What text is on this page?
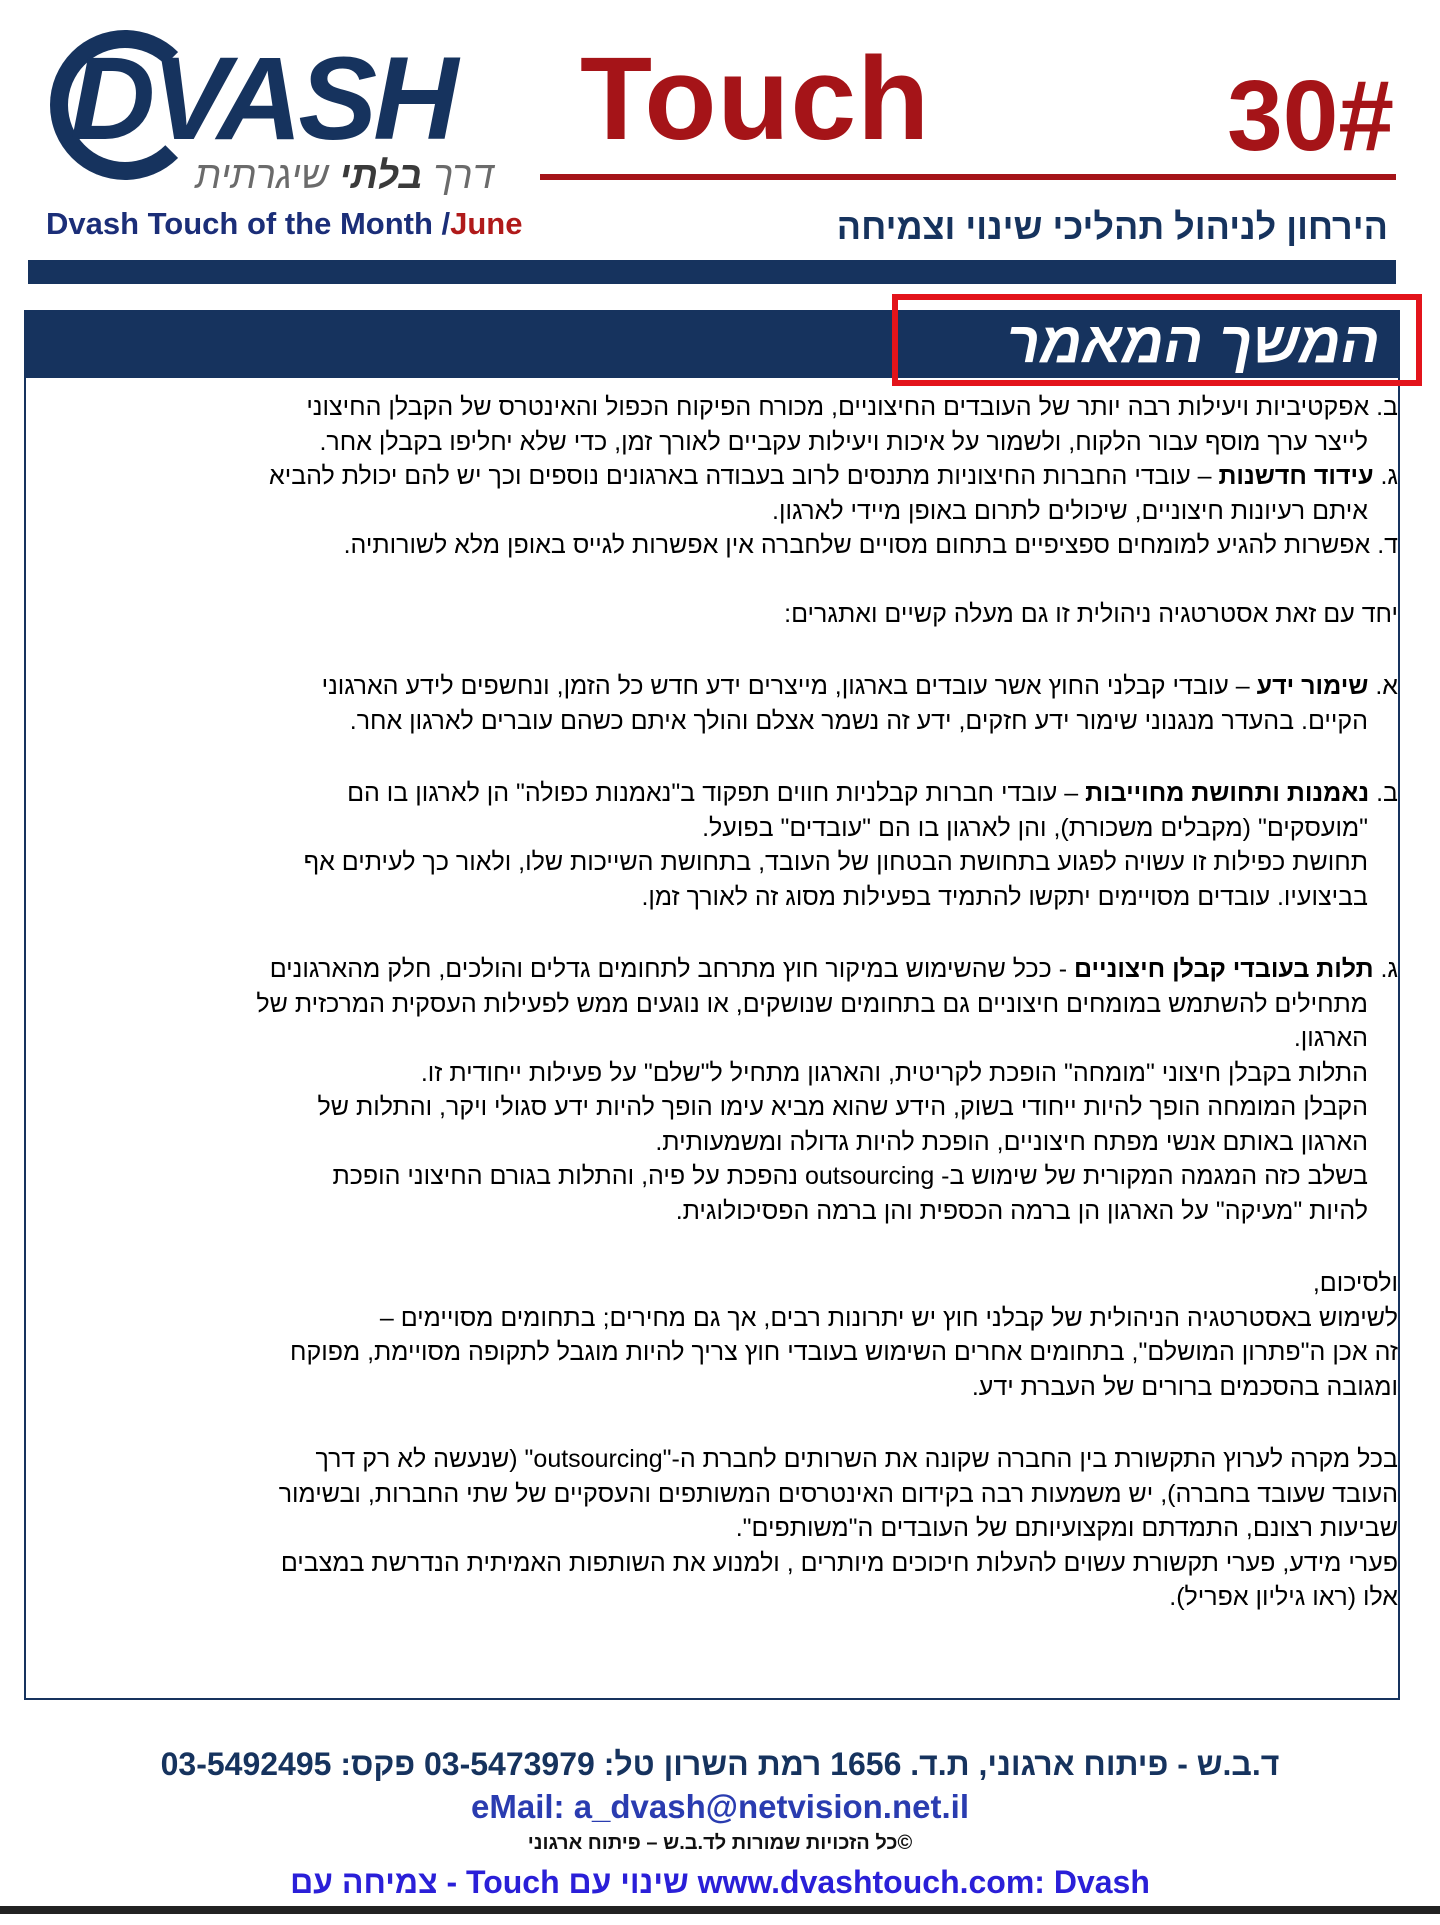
DVASH
דרך בלתי שיגרתית
Dvash Touch of the Month /June
Touch	30#
הירחון לניהול תהליכי שינוי וצמיחה
המשך המאמר

ב. אפקטיביות ויעילות רבה יותר של העובדים החיצוניים, מכורח הפיקוח הכפול והאינטרס של הקבלן החיצוני

לייצר ערך מוסף עבור הלקוח, ולשמור על איכות ויעילות עקביים לאורך זמן, כדי שלא יחליפו בקבלן אחר.

ג. עידוד חדשנות – עובדי החברות החיצוניות מתנסים לרוב בעבודה בארגונים נוספים וכך יש להם יכולת להביא

איתם רעיונות חיצוניים, שיכולים לתרום באופן מיידי לארגון.

ד. אפשרות להגיע למומחים ספציפיים בתחום מסויים שלחברה אין אפשרות לגייס באופן מלא לשורותיה.

יחד עם זאת אסטרטגיה ניהולית זו גם מעלה קשיים ואתגרים:

א. שימור ידע – עובדי קבלני החוץ אשר עובדים בארגון, מייצרים ידע חדש כל הזמן, ונחשפים לידע הארגוני

הקיים. בהעדר מנגנוני שימור ידע חזקים, ידע זה נשמר אצלם והולך איתם כשהם עוברים לארגון אחר.

ב. נאמנות ותחושת מחוייבות – עובדי חברות קבלניות חווים תפקוד ב"נאמנות כפולה" הן לארגון בו הם

"מועסקים" (מקבלים משכורת), והן לארגון בו הם "עובדים" בפועל.

תחושת כפילות זו עשויה לפגוע בתחושת הבטחון של העובד, בתחושת השייכות שלו, ולאור כך לעיתים אף

בביצועיו. עובדים מסויימים יתקשו להתמיד בפעילות מסוג זה לאורך זמן.

ג. תלות בעובדי קבלן חיצוניים - ככל שהשימוש במיקור חוץ מתרחב לתחומים גדלים והולכים, חלק מהארגונים

מתחילים להשתמש במומחים חיצוניים גם בתחומים שנושקים, או נוגעים ממש לפעילות העסקית המרכזית של

הארגון.

התלות בקבלן חיצוני "מומחה" הופכת לקריטית, והארגון מתחיל ל"שלם" על פעילות ייחודית זו.

הקבלן המומחה הופך להיות ייחודי בשוק, הידע שהוא מביא עימו הופך להיות ידע סגולי ויקר, והתלות של

הארגון באותם אנשי מפתח חיצוניים, הופכת להיות גדולה ומשמעותית.

בשלב כזה המגמה המקורית של שימוש ב- outsourcing נהפכת על פיה, והתלות בגורם החיצוני הופכת

להיות "מעיקה" על הארגון הן ברמה הכספית והן ברמה הפסיכולוגית.

ולסיכום,

לשימוש באסטרטגיה הניהולית של קבלני חוץ יש יתרונות רבים, אך גם מחירים; בתחומים מסויימים –

זה אכן ה"פתרון המושלם", בתחומים אחרים השימוש בעובדי חוץ צריך להיות מוגבל לתקופה מסויימת, מפוקח

ומגובה בהסכמים ברורים של העברת ידע.

בכל מקרה לערוץ התקשורת בין החברה שקונה את השרותים לחברת ה-"outsourcing" (שנעשה לא רק דרך

העובד שעובד בחברה), יש משמעות רבה בקידום האינטרסים המשותפים והעסקיים של שתי החברות, ובשימור

שביעות רצונם, התמדתם ומקצועיותם של העובדים ה"משותפים".

פערי מידע, פערי תקשורת עשוים להעלות חיכוכים מיותרים , ולמנוע את השותפות האמיתית הנדרשת במצבים

אלו (ראו גיליון אפריל).

ד.ב.ש - פיתוח ארגוני, ת.ד. 1656 רמת השרון טל: 03-5473979 פקס: 03-5492495
eMail: a_dvash@netvision.net.il
©כל הזכויות שמורות לד.ב.ש – פיתוח ארגוני
www.dvashtouch.com: Dvash שינוי עם Touch - צמיחה עם
